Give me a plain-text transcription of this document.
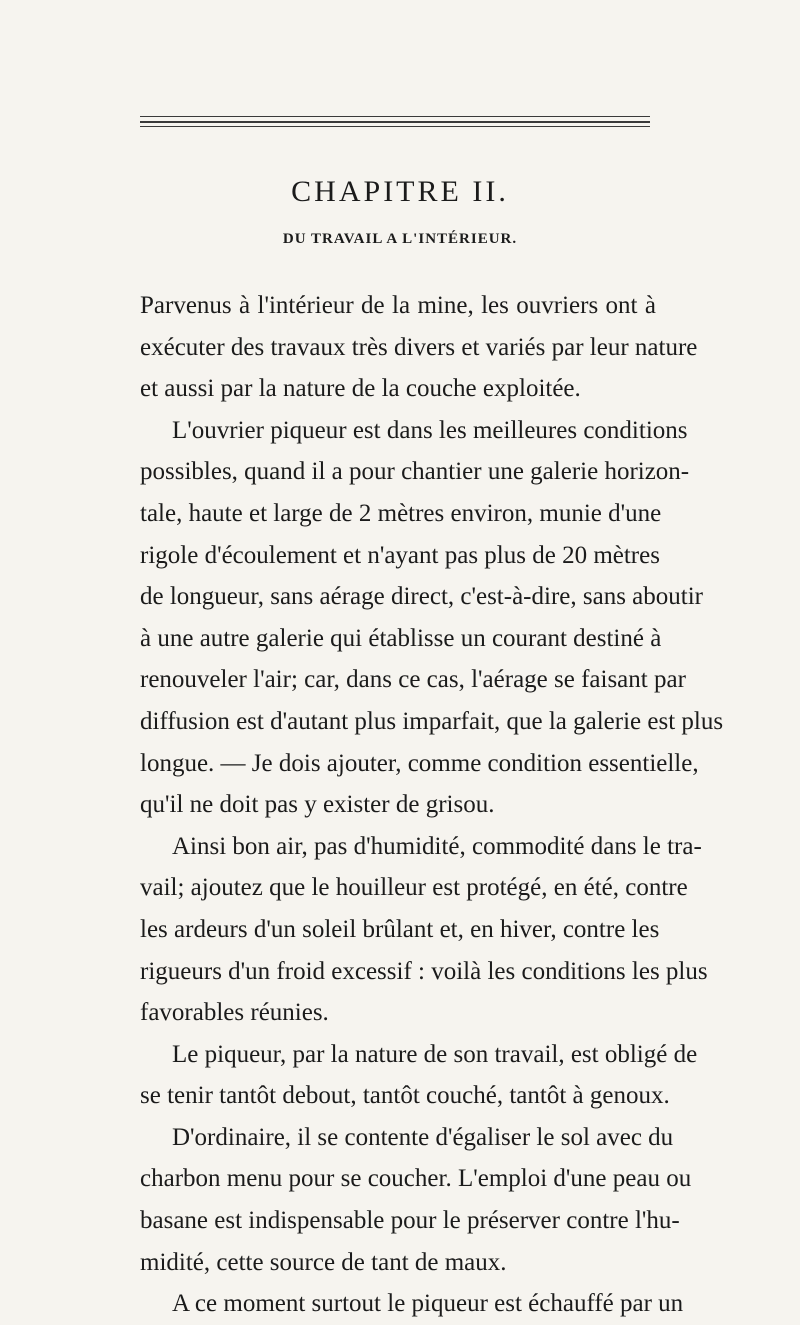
CHAPITRE II.
DU TRAVAIL A L'INTÉRIEUR.
Parvenus à l'intérieur de la mine, les ouvriers ont à
exécuter des travaux très divers et variés par leur nature
et aussi par la nature de la couche exploitée.
L'ouvrier piqueur est dans les meilleures conditions
possibles, quand il a pour chantier une galerie horizon-
tale, haute et large de 2 mètres environ, munie d'une
rigole d'écoulement et n'ayant pas plus de 20 mètres
de longueur, sans aérage direct, c'est-à-dire, sans aboutir
à une autre galerie qui établisse un courant destiné à
renouveler l'air; car, dans ce cas, l'aérage se faisant par
diffusion est d'autant plus imparfait, que la galerie est plus
longue. — Je dois ajouter, comme condition essentielle,
qu'il ne doit pas y exister de grisou.
Ainsi bon air, pas d'humidité, commodité dans le tra-
vail; ajoutez que le houilleur est protégé, en été, contre
les ardeurs d'un soleil brûlant et, en hiver, contre les
rigueurs d'un froid excessif : voilà les conditions les plus
favorables réunies.
Le piqueur, par la nature de son travail, est obligé de
se tenir tantôt debout, tantôt couché, tantôt à genoux.
D'ordinaire, il se contente d'égaliser le sol avec du
charbon menu pour se coucher. L'emploi d'une peau ou
basane est indispensable pour le préserver contre l'hu-
midité, cette source de tant de maux.
A ce moment surtout le piqueur est échauffé par un
